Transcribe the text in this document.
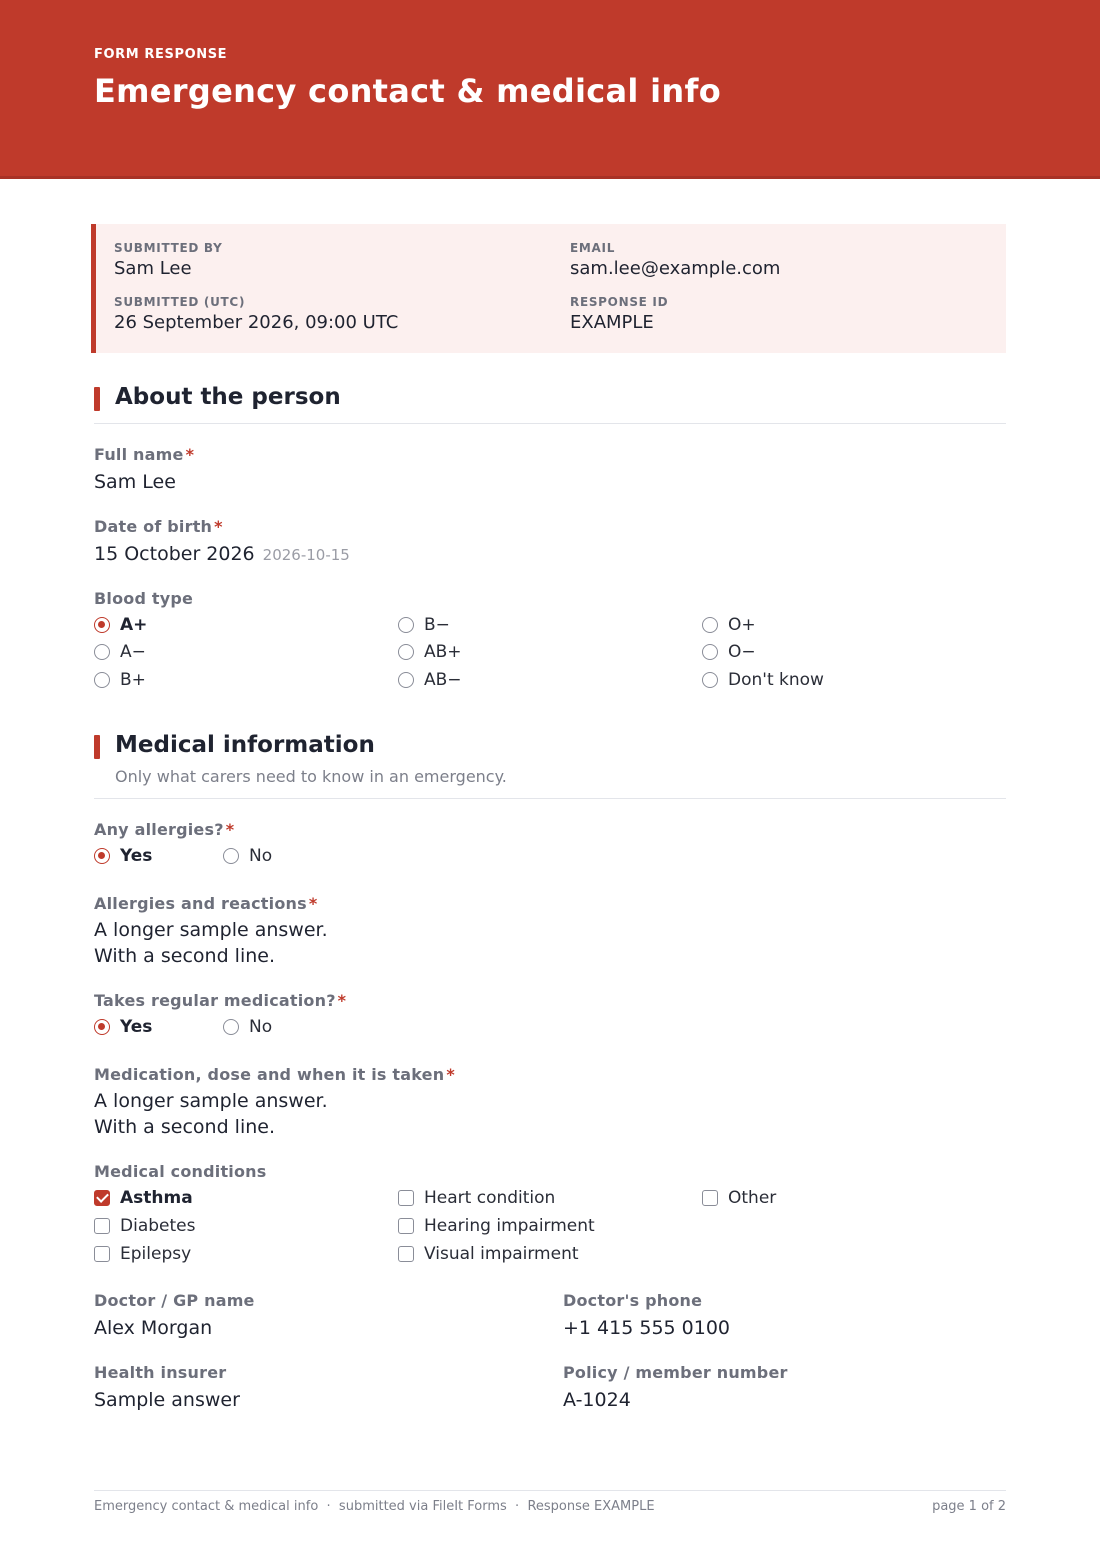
FORM RESPONSE
Emergency contact & medical info
SUBMITTED BY
Sam Lee
EMAIL
sam.lee@example.com
SUBMITTED (UTC)
26 September 2026, 09:00 UTC
RESPONSE ID
EXAMPLE
About the person
Full name *
Sam Lee
Date of birth *
15 October 2026 2026-10-15
Blood type
A+
A−
B+
B−
AB+
AB−
O+
O−
Don't know
Medical information
Only what carers need to know in an emergency.
Any allergies? *
Yes	No
Allergies and reactions *
A longer sample answer.
With a second line.
Takes regular medication? *
Yes	No
Medication, dose and when it is taken *
A longer sample answer.
With a second line.
Medical conditions
Asthma
Diabetes
Epilepsy
Heart condition
Hearing impairment
Visual impairment
Other
Doctor / GP name
Alex Morgan
Doctor's phone
+1 415 555 0100
Health insurer
Sample answer
Policy / member number
A-1024
Emergency contact & medical info  ·  submitted via FileIt Forms  ·  Response EXAMPLE	page 1 of 2
